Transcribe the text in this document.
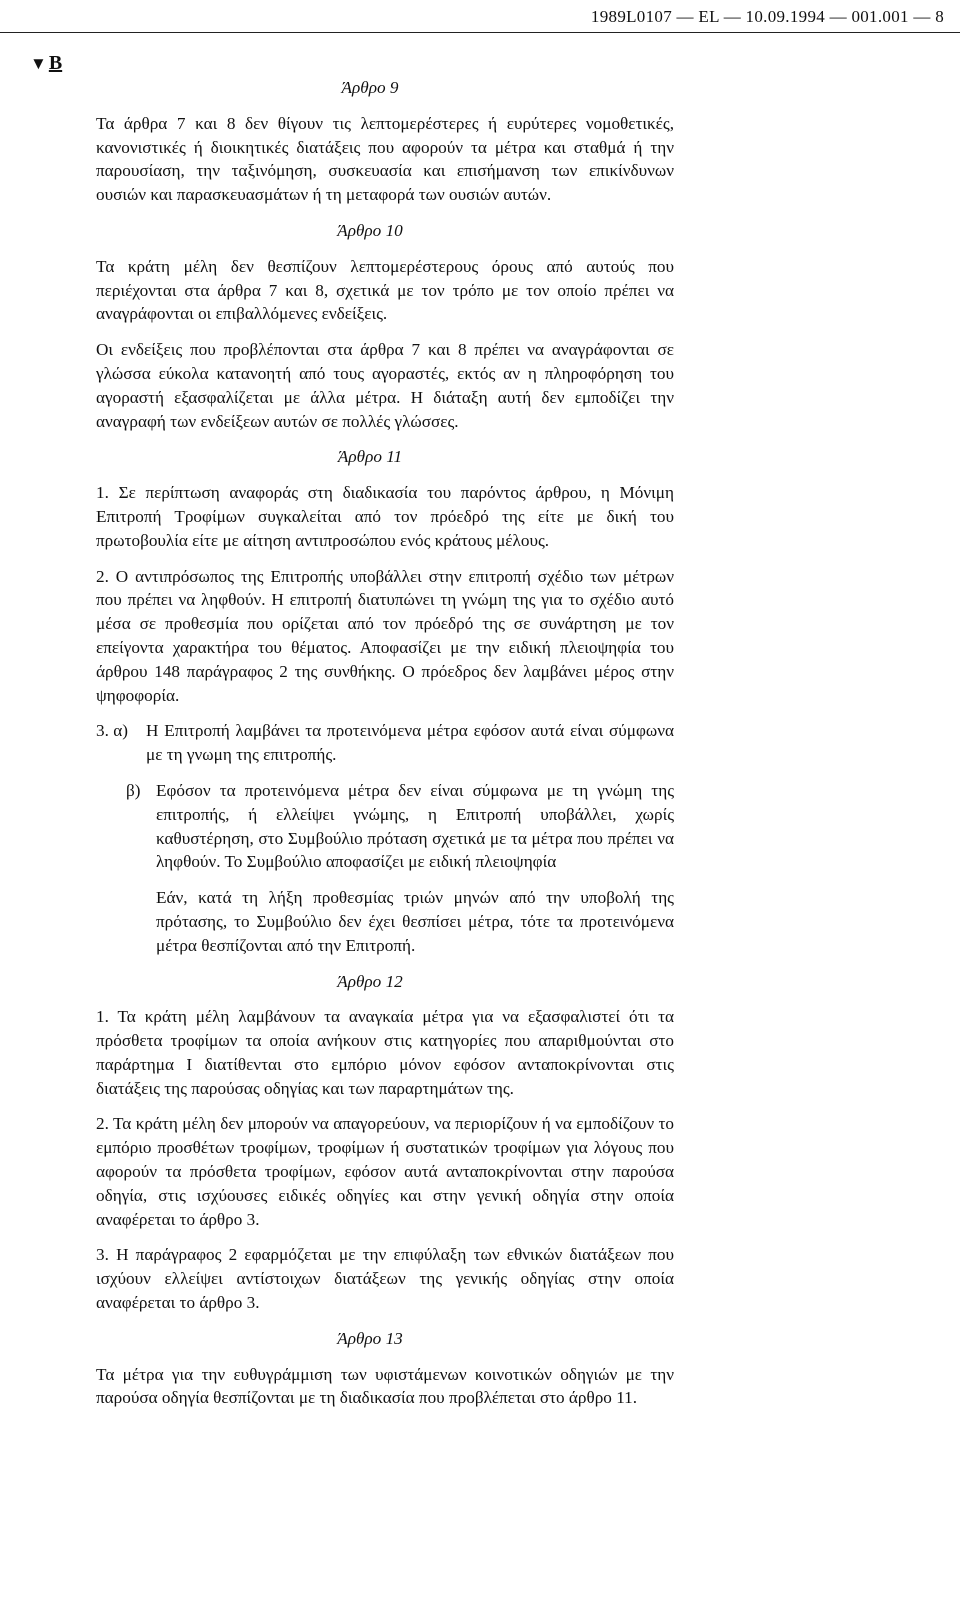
1989L0107 — EL — 10.09.1994 — 001.001 — 8
▼ B
Άρθρο 9

Τα άρθρα 7 και 8 δεν θίγουν τις λεπτομερέστερες ή ευρύτερες νομοθετικές, κανονιστικές ή διοικητικές διατάξεις που αφορούν τα μέτρα και σταθμά ή την παρουσίαση, την ταξινόμηση, συσκευασία και επισήμανση των επικίνδυνων ουσιών και παρασκευασμάτων ή τη μεταφορά των ουσιών αυτών.

Άρθρο 10

Τα κράτη μέλη δεν θεσπίζουν λεπτομερέστερους όρους από αυτούς που περιέχονται στα άρθρα 7 και 8, σχετικά με τον τρόπο με τον οποίο πρέπει να αναγράφονται οι επιβαλλόμενες ενδείξεις.

Οι ενδείξεις που προβλέπονται στα άρθρα 7 και 8 πρέπει να αναγράφονται σε γλώσσα εύκολα κατανοητή από τους αγοραστές, εκτός αν η πληροφόρηση του αγοραστή εξασφαλίζεται με άλλα μέτρα. Η διάταξη αυτή δεν εμποδίζει την αναγραφή των ενδείξεων αυτών σε πολλές γλώσσες.

Άρθρο 11

1. Σε περίπτωση αναφοράς στη διαδικασία του παρόντος άρθρου, η Μόνιμη Επιτροπή Τροφίμων συγκαλείται από τον πρόεδρό της είτε με δική του πρωτοβουλία είτε με αίτηση αντιπροσώπου ενός κράτους μέλους.

2. Ο αντιπρόσωπος της Επιτροπής υποβάλλει στην επιτροπή σχέδιο των μέτρων που πρέπει να ληφθούν. Η επιτροπή διατυπώνει τη γνώμη της για το σχέδιο αυτό μέσα σε προθεσμία που ορίζεται από τον πρόεδρό της σε συνάρτηση με τον επείγοντα χαρακτήρα του θέματος. Αποφασίζει με την ειδική πλειοψηφία του άρθρου 148 παράγραφος 2 της συνθήκης. Ο πρόεδρος δεν λαμβάνει μέρος στην ψηφοφορία.

3. α)	Η Επιτροπή λαμβάνει τα προτεινόμενα μέτρα εφόσον αυτά είναι σύμφωνα με τη γνωμη της επιτροπής.
β) Εφόσον τα προτεινόμενα μέτρα δεν είναι σύμφωνα με τη γνώμη της επιτροπής, ή ελλείψει γνώμης, η Επιτροπή υποβάλλει, χωρίς καθυστέρηση, στο Συμβούλιο πρόταση σχετικά με τα μέτρα που πρέπει να ληφθούν. Το Συμβούλιο αποφασίζει με ειδική πλειοψηφία

Εάν, κατά τη λήξη προθεσμίας τριών μηνών από την υποβολή της πρότασης, το Συμβούλιο δεν έχει θεσπίσει μέτρα, τότε τα προτεινόμενα μέτρα θεσπίζονται από την Επιτροπή.

Άρθρο 12

1. Τα κράτη μέλη λαμβάνουν τα αναγκαία μέτρα για να εξασφαλιστεί ότι τα πρόσθετα τροφίμων τα οποία ανήκουν στις κατηγορίες που απαριθμούνται στο παράρτημα I διατίθενται στο εμπόριο μόνον εφόσον ανταποκρίνονται στις διατάξεις της παρούσας οδηγίας και των παραρτημάτων της.

2. Τα κράτη μέλη δεν μπορούν να απαγορεύουν, να περιορίζουν ή να εμποδίζουν το εμπόριο προσθέτων τροφίμων, τροφίμων ή συστατικών τροφίμων για λόγους που αφορούν τα πρόσθετα τροφίμων, εφόσον αυτά ανταποκρίνονται στην παρούσα οδηγία, στις ισχύουσες ειδικές οδηγίες και στην γενική οδηγία στην οποία αναφέρεται το άρθρο 3.

3. Η παράγραφος 2 εφαρμόζεται με την επιφύλαξη των εθνικών διατάξεων που ισχύουν ελλείψει αντίστοιχων διατάξεων της γενικής οδηγίας στην οποία αναφέρεται το άρθρο 3.

Άρθρο 13

Τα μέτρα για την ευθυγράμμιση των υφιστάμενων κοινοτικών οδηγιών με την παρούσα οδηγία θεσπίζονται με τη διαδικασία που προβλέπεται στο άρθρο 11.
